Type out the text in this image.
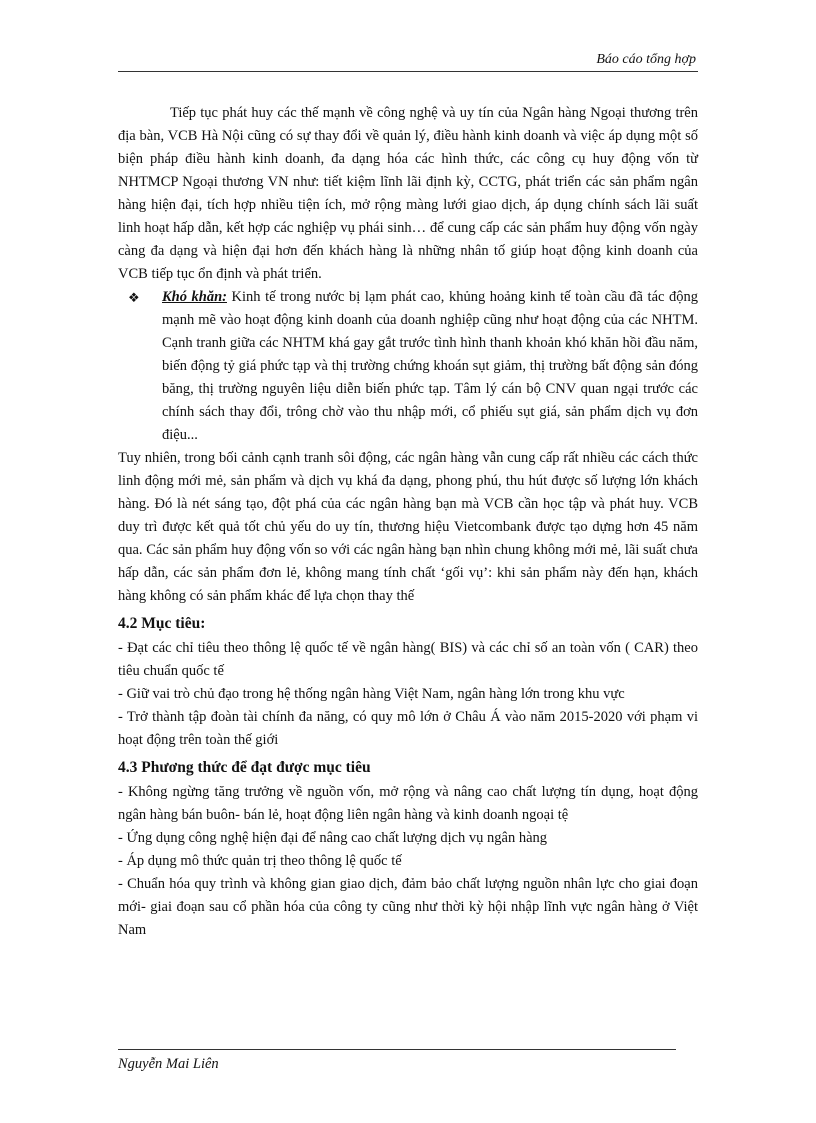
Báo cáo tổng hợp

Tiếp tục phát huy các thế mạnh về công nghệ và uy tín của Ngân hàng Ngoại thương trên địa bàn, VCB Hà Nội cũng có sự thay đổi về quản lý, điều hành kinh doanh và việc áp dụng một số biện pháp điều hành kinh doanh, đa dạng hóa các hình thức, các công cụ huy động vốn từ NHTMCP Ngoại thương VN như: tiết kiệm lĩnh lãi định kỳ, CCTG, phát triển các sản phẩm ngân hàng hiện đại, tích hợp nhiều tiện ích, mở rộng màng lưới giao dịch, áp dụng chính sách lãi suất linh hoạt hấp dẫn, kết hợp các nghiệp vụ phái sinh… để cung cấp các sản phẩm huy động vốn ngày càng đa dạng và hiện đại hơn đến khách hàng là những nhân tố giúp hoạt động kinh doanh của VCB tiếp tục ổn định và phát triển.

❖ Khó khăn: Kinh tế trong nước bị lạm phát cao, khủng hoảng kinh tế toàn cầu đã tác động mạnh mẽ vào hoạt động kinh doanh của doanh nghiệp cũng như hoạt động của các NHTM. Cạnh tranh giữa các NHTM khá gay gắt trước tình hình thanh khoản khó khăn hồi đầu năm, biến động tỷ giá phức tạp và thị trường chứng khoán sụt giảm, thị trường bất động sản đóng băng, thị trường nguyên liệu diễn biến phức tạp. Tâm lý cán bộ CNV quan ngại trước các chính sách thay đổi, trông chờ vào thu nhập mới, cổ phiếu sụt giá, sản phẩm dịch vụ đơn điệu...

Tuy nhiên, trong bối cảnh cạnh tranh sôi động, các ngân hàng vẫn cung cấp rất nhiều các cách thức linh động mới mẻ, sản phẩm và dịch vụ khá đa dạng, phong phú, thu hút được số lượng lớn khách hàng. Đó là nét sáng tạo, đột phá của các ngân hàng bạn mà VCB cần học tập và phát huy. VCB duy trì được kết quả tốt chủ yếu do uy tín, thương hiệu Vietcombank được tạo dựng hơn 45 năm qua. Các sản phẩm huy động vốn so với các ngân hàng bạn nhìn chung không mới mẻ, lãi suất chưa hấp dẫn, các sản phẩm đơn lẻ, không mang tính chất ‘gối vụ’: khi sản phẩm này đến hạn, khách hàng không có sản phẩm khác để lựa chọn thay thế

4.2 Mục tiêu:

- Đạt các chỉ tiêu theo thông lệ quốc tế về ngân hàng( BIS) và các chỉ số an toàn vốn ( CAR) theo tiêu chuẩn quốc tế

- Giữ vai trò chủ đạo trong hệ thống ngân hàng Việt Nam, ngân hàng lớn trong khu vực

- Trở thành tập đoàn tài chính đa năng, có quy mô lớn ở Châu Á vào năm 2015-2020 với phạm vi hoạt động trên toàn thế giới

4.3 Phương thức để đạt được mục tiêu

- Không ngừng tăng trưởng về nguồn vốn, mở rộng và nâng cao chất lượng tín dụng, hoạt động ngân hàng bán buôn- bán lẻ, hoạt động liên ngân hàng và kinh doanh ngoại tệ

- Ứng dụng công nghệ hiện đại để nâng cao chất lượng dịch vụ ngân hàng

- Áp dụng mô thức quản trị theo thông lệ quốc tế

- Chuẩn hóa quy trình và không gian giao dịch, đảm bảo chất lượng nguồn nhân lực cho giai đoạn mới- giai đoạn sau cổ phần hóa của công ty cũng như thời kỳ hội nhập lĩnh vực ngân hàng ở Việt Nam

Nguyễn Mai Liên
